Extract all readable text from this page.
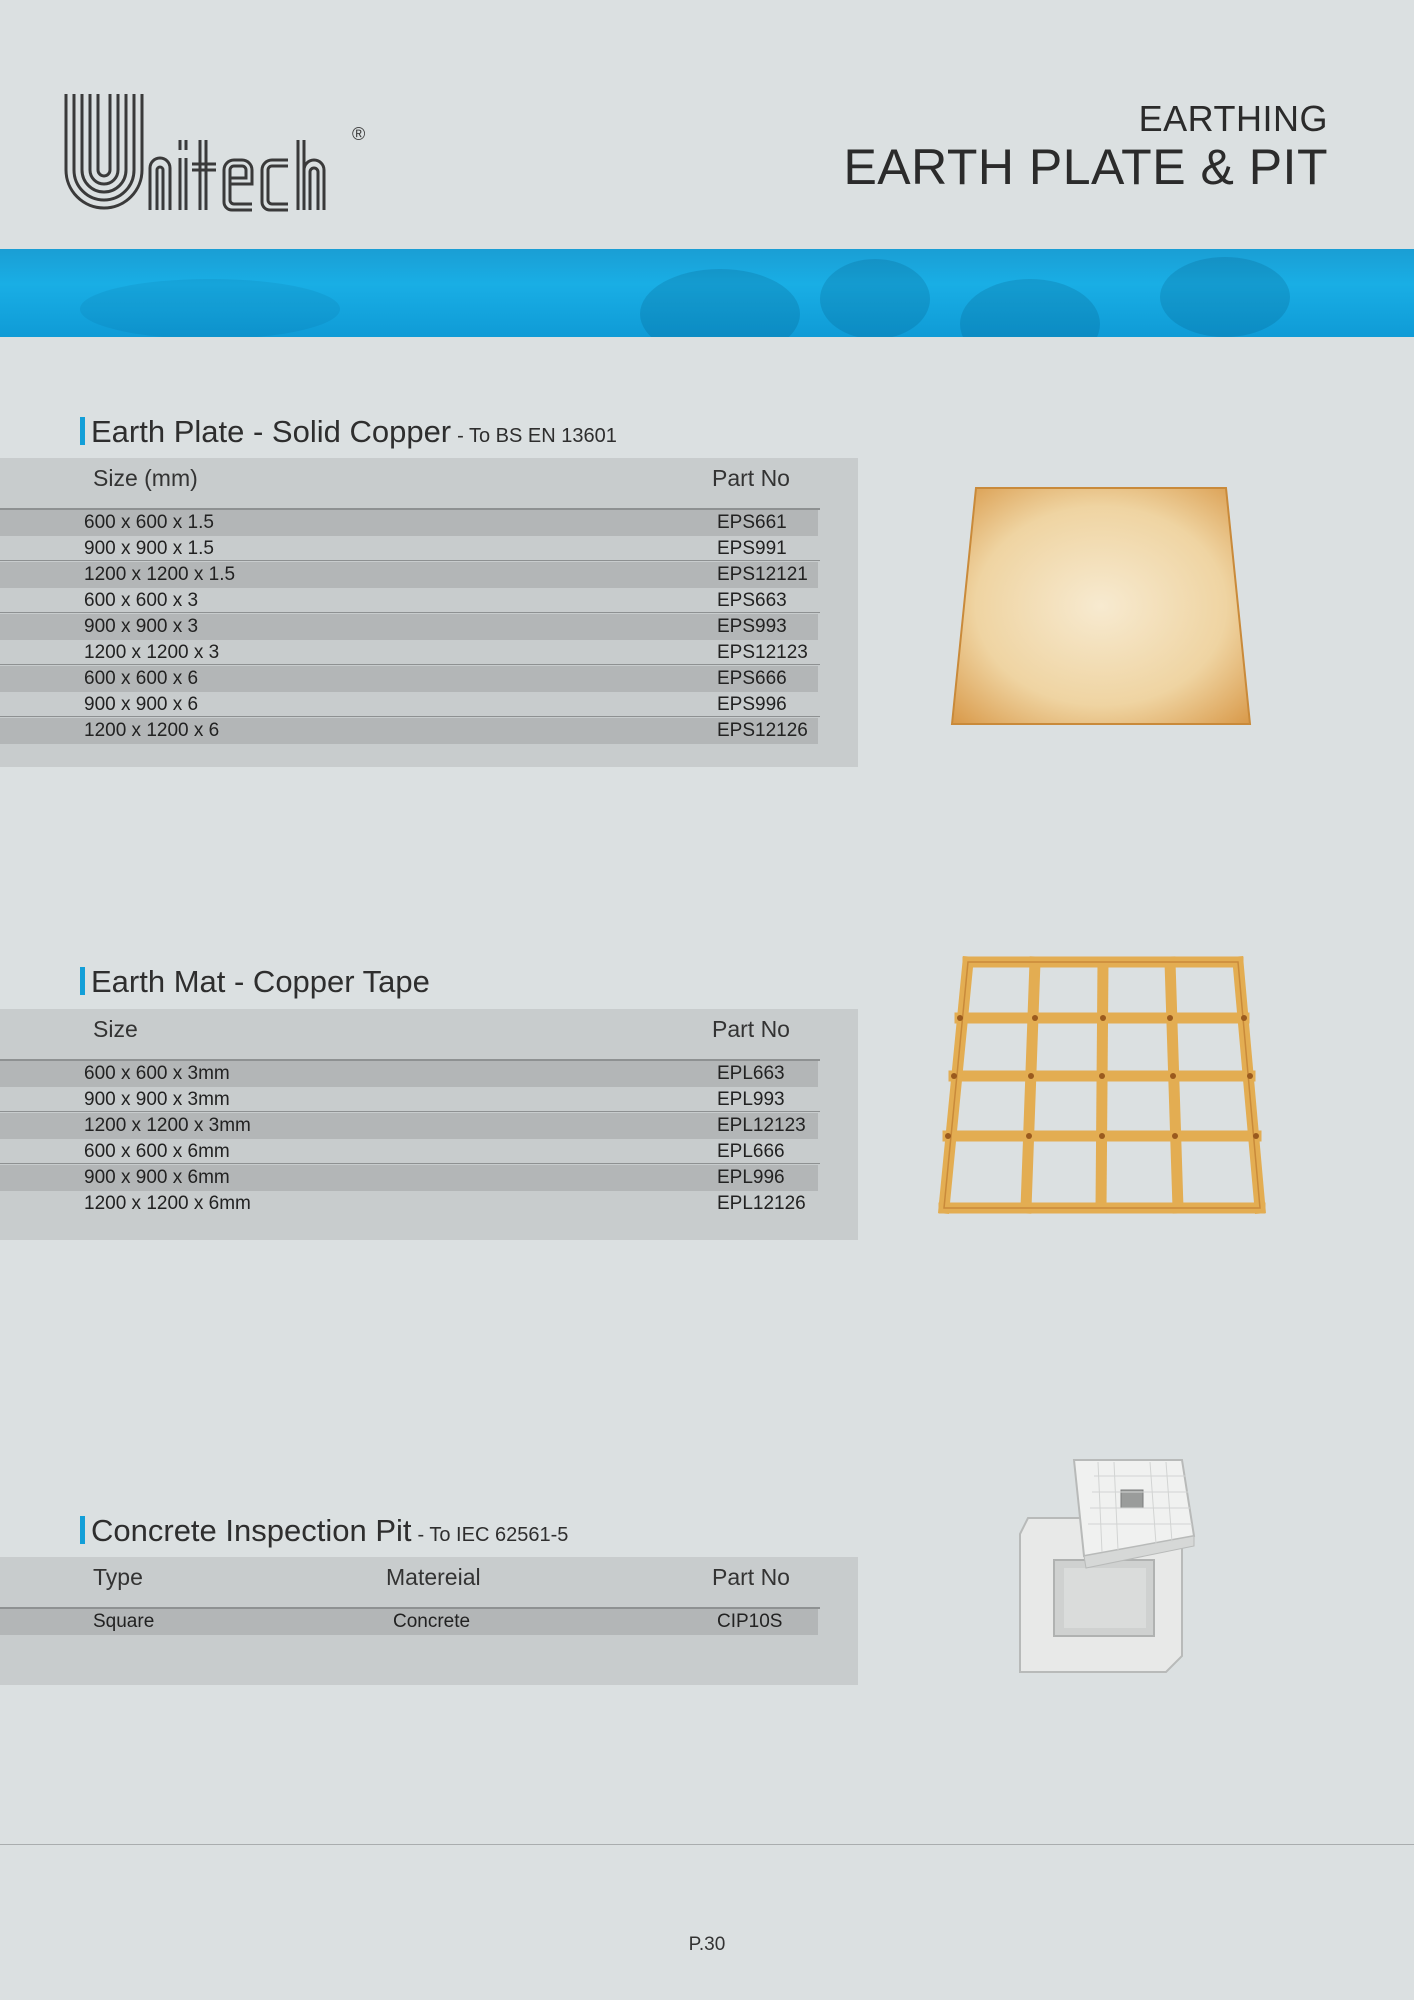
®	EARTHING
EARTH PLATE & PIT
Earth Plate - Solid Copper - To BS EN 13601
Size (mm)	Part No
600 x 600 x 1.5	EPS661
900 x 900 x 1.5	EPS991
1200 x 1200 x 1.5	EPS12121
600 x 600 x 3	EPS663
900 x 900 x 3	EPS993
1200 x 1200 x 3	EPS12123
600 x 600 x 6	EPS666
900 x 900 x 6	EPS996
1200 x 1200 x 6	EPS12126
Earth Mat - Copper Tape
Size	Part No
600 x 600 x 3mm	EPL663
900 x 900 x 3mm	EPL993
1200 x 1200 x 3mm	EPL12123
600 x 600 x 6mm	EPL666
900 x 900 x 6mm	EPL996
1200 x 1200 x 6mm	EPL12126
Concrete Inspection Pit - To IEC 62561-5
Type	Matereial	Part No
Square	Concrete	CIP10S
P.30
